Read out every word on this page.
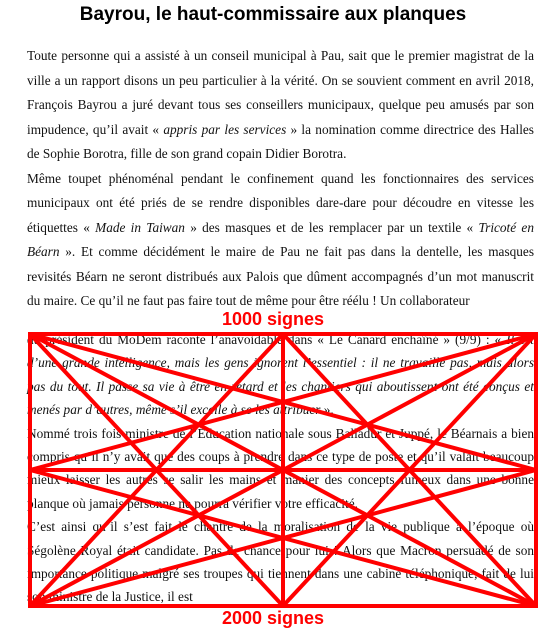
Bayrou, le haut-commissaire aux planques

Toute personne qui a assisté à un conseil municipal à Pau, sait que le premier magistrat de la ville a un rapport disons un peu particulier à la vérité. On se souvient comment en avril 2018, François Bayrou a juré devant tous ses conseillers municipaux, quelque peu amusés par son impudence, qu’il avait « appris par les services » la nomination comme directrice des Halles de Sophie Borotra, fille de son grand copain Didier Borotra.

Même toupet phénoménal pendant le confinement quand les fonctionnaires des services municipaux ont été priés de se rendre disponibles dare-dare pour découdre en vitesse les étiquettes « Made in Taiwan » des masques et de les remplacer par un textile « Tricoté en Béarn ». Et comme décidément le maire de Pau ne fait pas dans la dentelle, les masques revisités Béarn ne seront distribués aux Palois que dûment accompagnés d’un mot manuscrit du maire. Ce qu’il ne faut pas faire tout de même pour être réélu ! Un collaborateur

du président du MoDem raconte l’anavoidable dans « Le Canard enchaîné » (9/9) : « Il est d’une grande intelligence, mais les gens ignorent l’essentiel : il ne travaille pas, mais alors pas du tout. Il passe sa vie à être en retard et les chantiers qui aboutissent ont été conçus et menés par d’autres, même s’il excelle à se les attribuer ».

Nommé trois fois ministre de l’Éducation nationale sous Balladur et Juppé, le Béarnais a bien compris qu’il n’y avait que des coups à prendre dans ce type de poste et qu’il valait beaucoup mieux laisser les autres se salir les mains et manier des concepts fumeux dans une bonne planque où jamais personne ne pourra vérifier votre efficacité.

C’est ainsi qu’il s’est fait le chantre de la moralisation de la vie publique à l’époque où Ségolène Royal était candidate. Pas de chance pour lui ! Alors que Macron persuadé de son importance politique malgré ses troupes qui tiennent dans une cabine téléphonique, fait de lui son ministre de la Justice, il est

1000 signes
2000 signes
